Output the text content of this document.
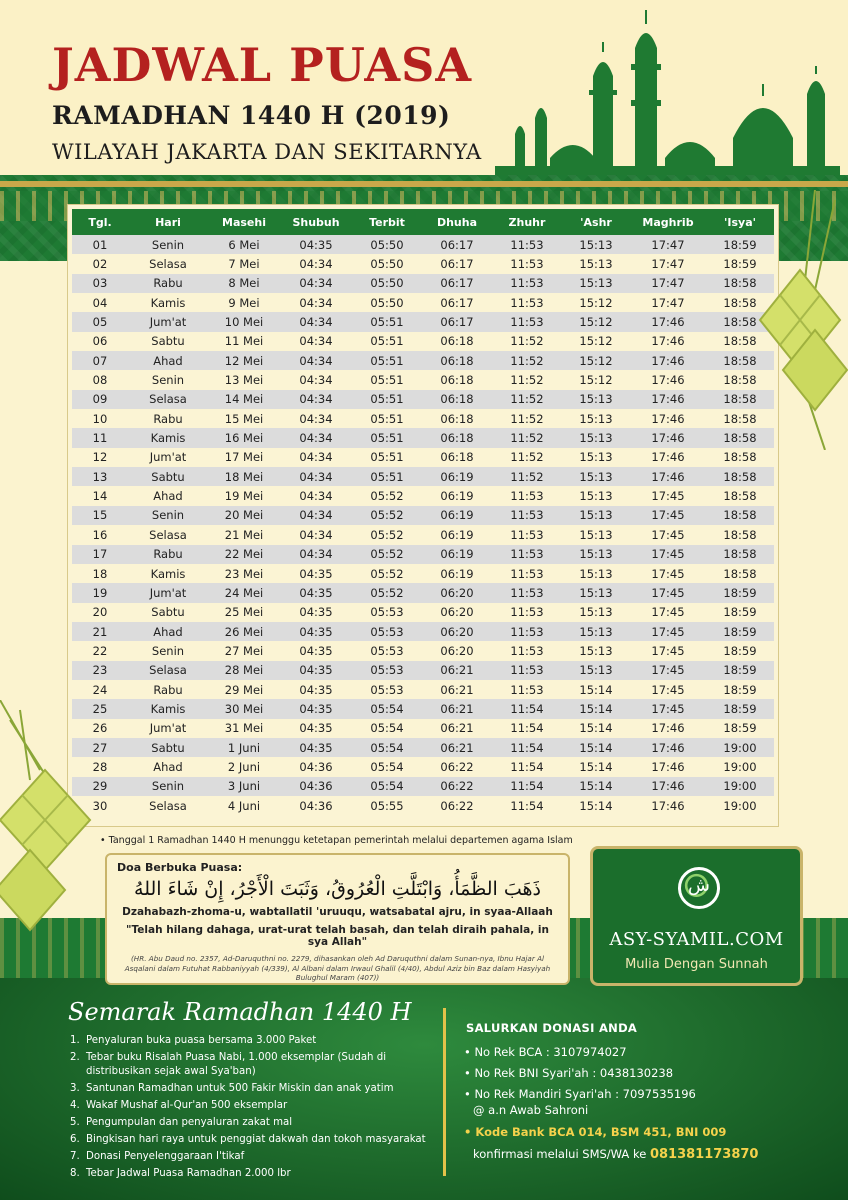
JADWAL PUASA
RAMADHAN 1440 H (2019)
WILAYAH JAKARTA DAN SEKITARNYA
Tgl.	Hari	Masehi	Shubuh	Terbit	Dhuha	Zhuhr	'Ashr	Maghrib	'Isya'
01	Senin	6 Mei	04:35	05:50	06:17	11:53	15:13	17:47	18:59
02	Selasa	7 Mei	04:34	05:50	06:17	11:53	15:13	17:47	18:59
03	Rabu	8 Mei	04:34	05:50	06:17	11:53	15:13	17:47	18:58
04	Kamis	9 Mei	04:34	05:50	06:17	11:53	15:12	17:47	18:58
05	Jum'at	10 Mei	04:34	05:51	06:17	11:53	15:12	17:46	18:58
06	Sabtu	11 Mei	04:34	05:51	06:18	11:52	15:12	17:46	18:58
07	Ahad	12 Mei	04:34	05:51	06:18	11:52	15:12	17:46	18:58
08	Senin	13 Mei	04:34	05:51	06:18	11:52	15:12	17:46	18:58
09	Selasa	14 Mei	04:34	05:51	06:18	11:52	15:13	17:46	18:58
10	Rabu	15 Mei	04:34	05:51	06:18	11:52	15:13	17:46	18:58
11	Kamis	16 Mei	04:34	05:51	06:18	11:52	15:13	17:46	18:58
12	Jum'at	17 Mei	04:34	05:51	06:18	11:52	15:13	17:46	18:58
13	Sabtu	18 Mei	04:34	05:51	06:19	11:52	15:13	17:46	18:58
14	Ahad	19 Mei	04:34	05:52	06:19	11:53	15:13	17:45	18:58
15	Senin	20 Mei	04:34	05:52	06:19	11:53	15:13	17:45	18:58
16	Selasa	21 Mei	04:34	05:52	06:19	11:53	15:13	17:45	18:58
17	Rabu	22 Mei	04:34	05:52	06:19	11:53	15:13	17:45	18:58
18	Kamis	23 Mei	04:35	05:52	06:19	11:53	15:13	17:45	18:58
19	Jum'at	24 Mei	04:35	05:52	06:20	11:53	15:13	17:45	18:59
20	Sabtu	25 Mei	04:35	05:53	06:20	11:53	15:13	17:45	18:59
21	Ahad	26 Mei	04:35	05:53	06:20	11:53	15:13	17:45	18:59
22	Senin	27 Mei	04:35	05:53	06:20	11:53	15:13	17:45	18:59
23	Selasa	28 Mei	04:35	05:53	06:21	11:53	15:13	17:45	18:59
24	Rabu	29 Mei	04:35	05:53	06:21	11:53	15:14	17:45	18:59
25	Kamis	30 Mei	04:35	05:54	06:21	11:54	15:14	17:45	18:59
26	Jum'at	31 Mei	04:35	05:54	06:21	11:54	15:14	17:46	18:59
27	Sabtu	1 Juni	04:35	05:54	06:21	11:54	15:14	17:46	19:00
28	Ahad	2 Juni	04:36	05:54	06:22	11:54	15:14	17:46	19:00
29	Senin	3 Juni	04:36	05:54	06:22	11:54	15:14	17:46	19:00
30	Selasa	4 Juni	04:36	05:55	06:22	11:54	15:14	17:46	19:00
• Tanggal 1 Ramadhan 1440 H menunggu ketetapan pemerintah melalui departemen agama Islam
Doa Berbuka Puasa:
ذَهَبَ الظَّمَأُ، وَابْتَلَّتِ الْعُرُوقُ، وَثَبَتَ الْأَجْرُ، إِنْ شَاءَ اللهُ
Dzahabazh-zhoma-u, wabtallatil 'uruuqu, watsabatal ajru, in syaa-Allaah
"Telah hilang dahaga, urat-urat telah basah, dan telah diraih pahala, in sya Allah"
(HR. Abu Daud no. 2357, Ad-Daruquthni no. 2279, dihasankan oleh Ad Daruquthni dalam Sunan-nya, Ibnu Hajar Al Asqalani dalam Futuhat Rabbaniyyah (4/339), Al Albani dalam Irwaul Ghalil (4/40), Abdul Aziz bin Baz dalam Hasyiyah Bulughul Maram (407))
ش
ASY-SYAMIL.COM
Mulia Dengan Sunnah
Semarak Ramadhan 1440 H
1. Penyaluran buka puasa bersama 3.000 Paket
2. Tebar buku Risalah Puasa Nabi, 1.000 eksemplar (Sudah di distribusikan sejak awal Sya'ban)
3. Santunan Ramadhan untuk 500 Fakir Miskin dan anak yatim
4. Wakaf Mushaf al-Qur'an 500 eksemplar
5. Pengumpulan dan penyaluran zakat mal
6. Bingkisan hari raya untuk penggiat dakwah dan tokoh masyarakat
7. Donasi Penyelenggaraan I'tikaf
8. Tebar Jadwal Puasa Ramadhan 2.000 lbr
SALURKAN DONASI ANDA
• No Rek BCA : 3107974027
• No Rek BNI Syari'ah : 0438130238
• No Rek Mandiri Syari'ah : 7097535196
@ a.n Awab Sahroni
• Kode Bank BCA 014, BSM 451, BNI 009
konfirmasi melalui SMS/WA ke 081381173870
